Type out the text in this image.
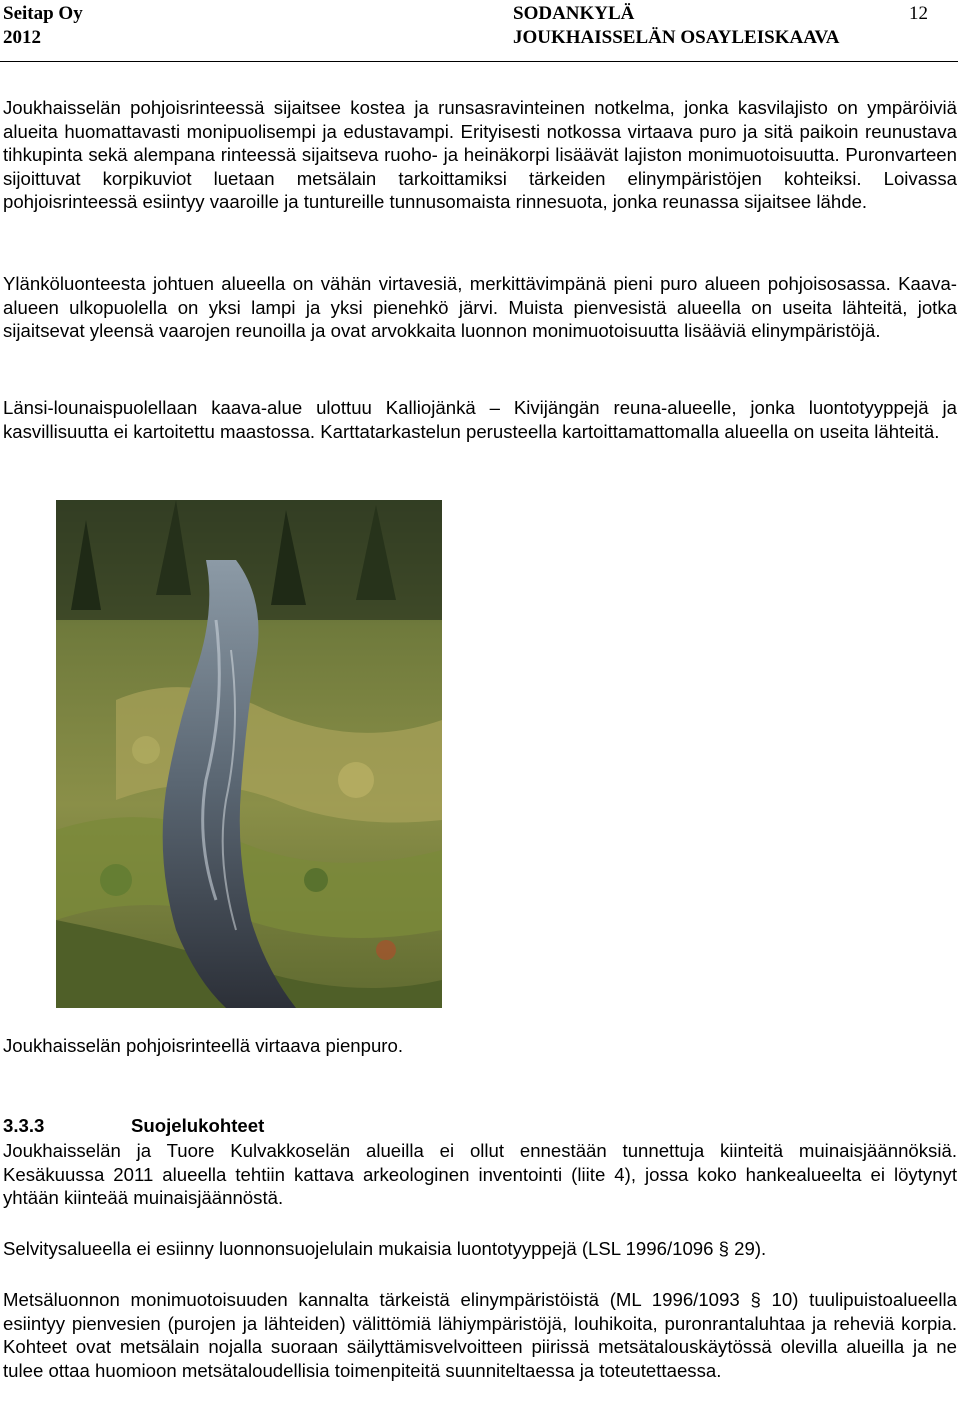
Seitap Oy
2012
SODANKYLÄ
JOUKHAISSELÄN OSAYLEISKAAVA
12

Joukhaisselän pohjoisrinteessä sijaitsee kostea ja runsasravinteinen notkelma, jonka kasvilajisto on ympäröiviä alueita huomattavasti monipuolisempi ja edustavampi. Erityisesti notkossa virtaava puro ja sitä paikoin reunustava tihkupinta sekä alempana rinteessä sijaitseva ruoho- ja heinäkorpi lisäävät lajiston monimuotoisuutta. Puronvarteen sijoittuvat korpikuviot luetaan metsälain tarkoittamiksi tärkeiden elinympäristöjen kohteiksi. Loivassa pohjoisrinteessä esiintyy vaaroille ja tuntureille tunnusomaista rinnesuota, jonka reunassa sijaitsee lähde.

Ylänköluonteesta johtuen alueella on vähän virtavesiä, merkittävimpänä pieni puro alueen pohjoisosassa. Kaava-alueen ulkopuolella on yksi lampi ja yksi pienehkö järvi. Muista pienvesistä alueella on useita lähteitä, jotka sijaitsevat yleensä vaarojen reunoilla ja ovat arvokkaita luonnon monimuotoisuutta lisääviä elinympäristöjä.

Länsi-lounaispuolellaan kaava-alue ulottuu Kalliojänkä – Kivijängän reuna-alueelle, jonka luontotyyppejä ja kasvillisuutta ei kartoitettu maastossa. Karttatarkastelun perusteella kartoittamattomalla alueella on useita lähteitä.

Joukhaisselän pohjoisrinteellä virtaava pienpuro.
3.3.3	Suojelukohteet

Joukhaisselän ja Tuore Kulvakkoselän alueilla ei ollut ennestään tunnettuja kiinteitä muinaisjäännöksiä. Kesäkuussa 2011 alueella tehtiin kattava arkeologinen inventointi (liite 4), jossa koko hankealueelta ei löytynyt yhtään kiinteää muinaisjäännöstä.

Selvitysalueella ei esiinny luonnonsuojelulain mukaisia luontotyyppejä (LSL 1996/1096 § 29).

Metsäluonnon monimuotoisuuden kannalta tärkeistä elinympäristöistä (ML 1996/1093 § 10) tuulipuistoalueella esiintyy pienvesien (purojen ja lähteiden) välittömiä lähiympäristöjä, louhikoita, puronrantaluhtaa ja reheviä korpia. Kohteet ovat metsälain nojalla suoraan säilyttämisvelvoitteen piirissä metsätalouskäytössä olevilla alueilla ja ne tulee ottaa huomioon metsätaloudellisia toimenpiteitä suunniteltaessa ja toteutettaessa.
